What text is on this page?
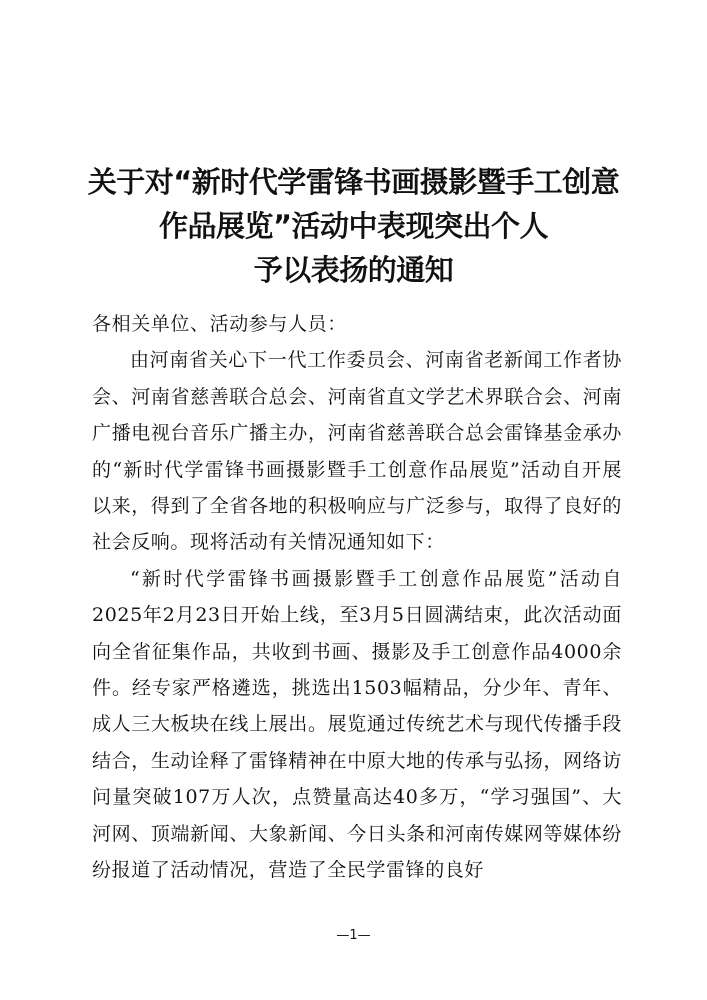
关于对“新时代学雷锋书画摄影暨手工创意
作品展览”活动中表现突出个人
予以表扬的通知

各相关单位、活动参与人员：

由河南省关心下一代工作委员会、河南省老新闻工作者协会、河南省慈善联合总会、河南省直文学艺术界联合会、河南广播电视台音乐广播主办，河南省慈善联合总会雷锋基金承办的“新时代学雷锋书画摄影暨手工创意作品展览”活动自开展以来，得到了全省各地的积极响应与广泛参与，取得了良好的社会反响。现将活动有关情况通知如下：

“新时代学雷锋书画摄影暨手工创意作品展览”活动自2025年2月23日开始上线，至3月5日圆满结束，此次活动面向全省征集作品，共收到书画、摄影及手工创意作品4000余件。经专家严格遴选，挑选出1503幅精品，分少年、青年、成人三大板块在线上展出。展览通过传统艺术与现代传播手段结合，生动诠释了雷锋精神在中原大地的传承与弘扬，网络访问量突破107万人次，点赞量高达40多万，“学习强国”、大河网、顶端新闻、大象新闻、今日头条和河南传媒网等媒体纷纷报道了活动情况，营造了全民学雷锋的良好

—1—
